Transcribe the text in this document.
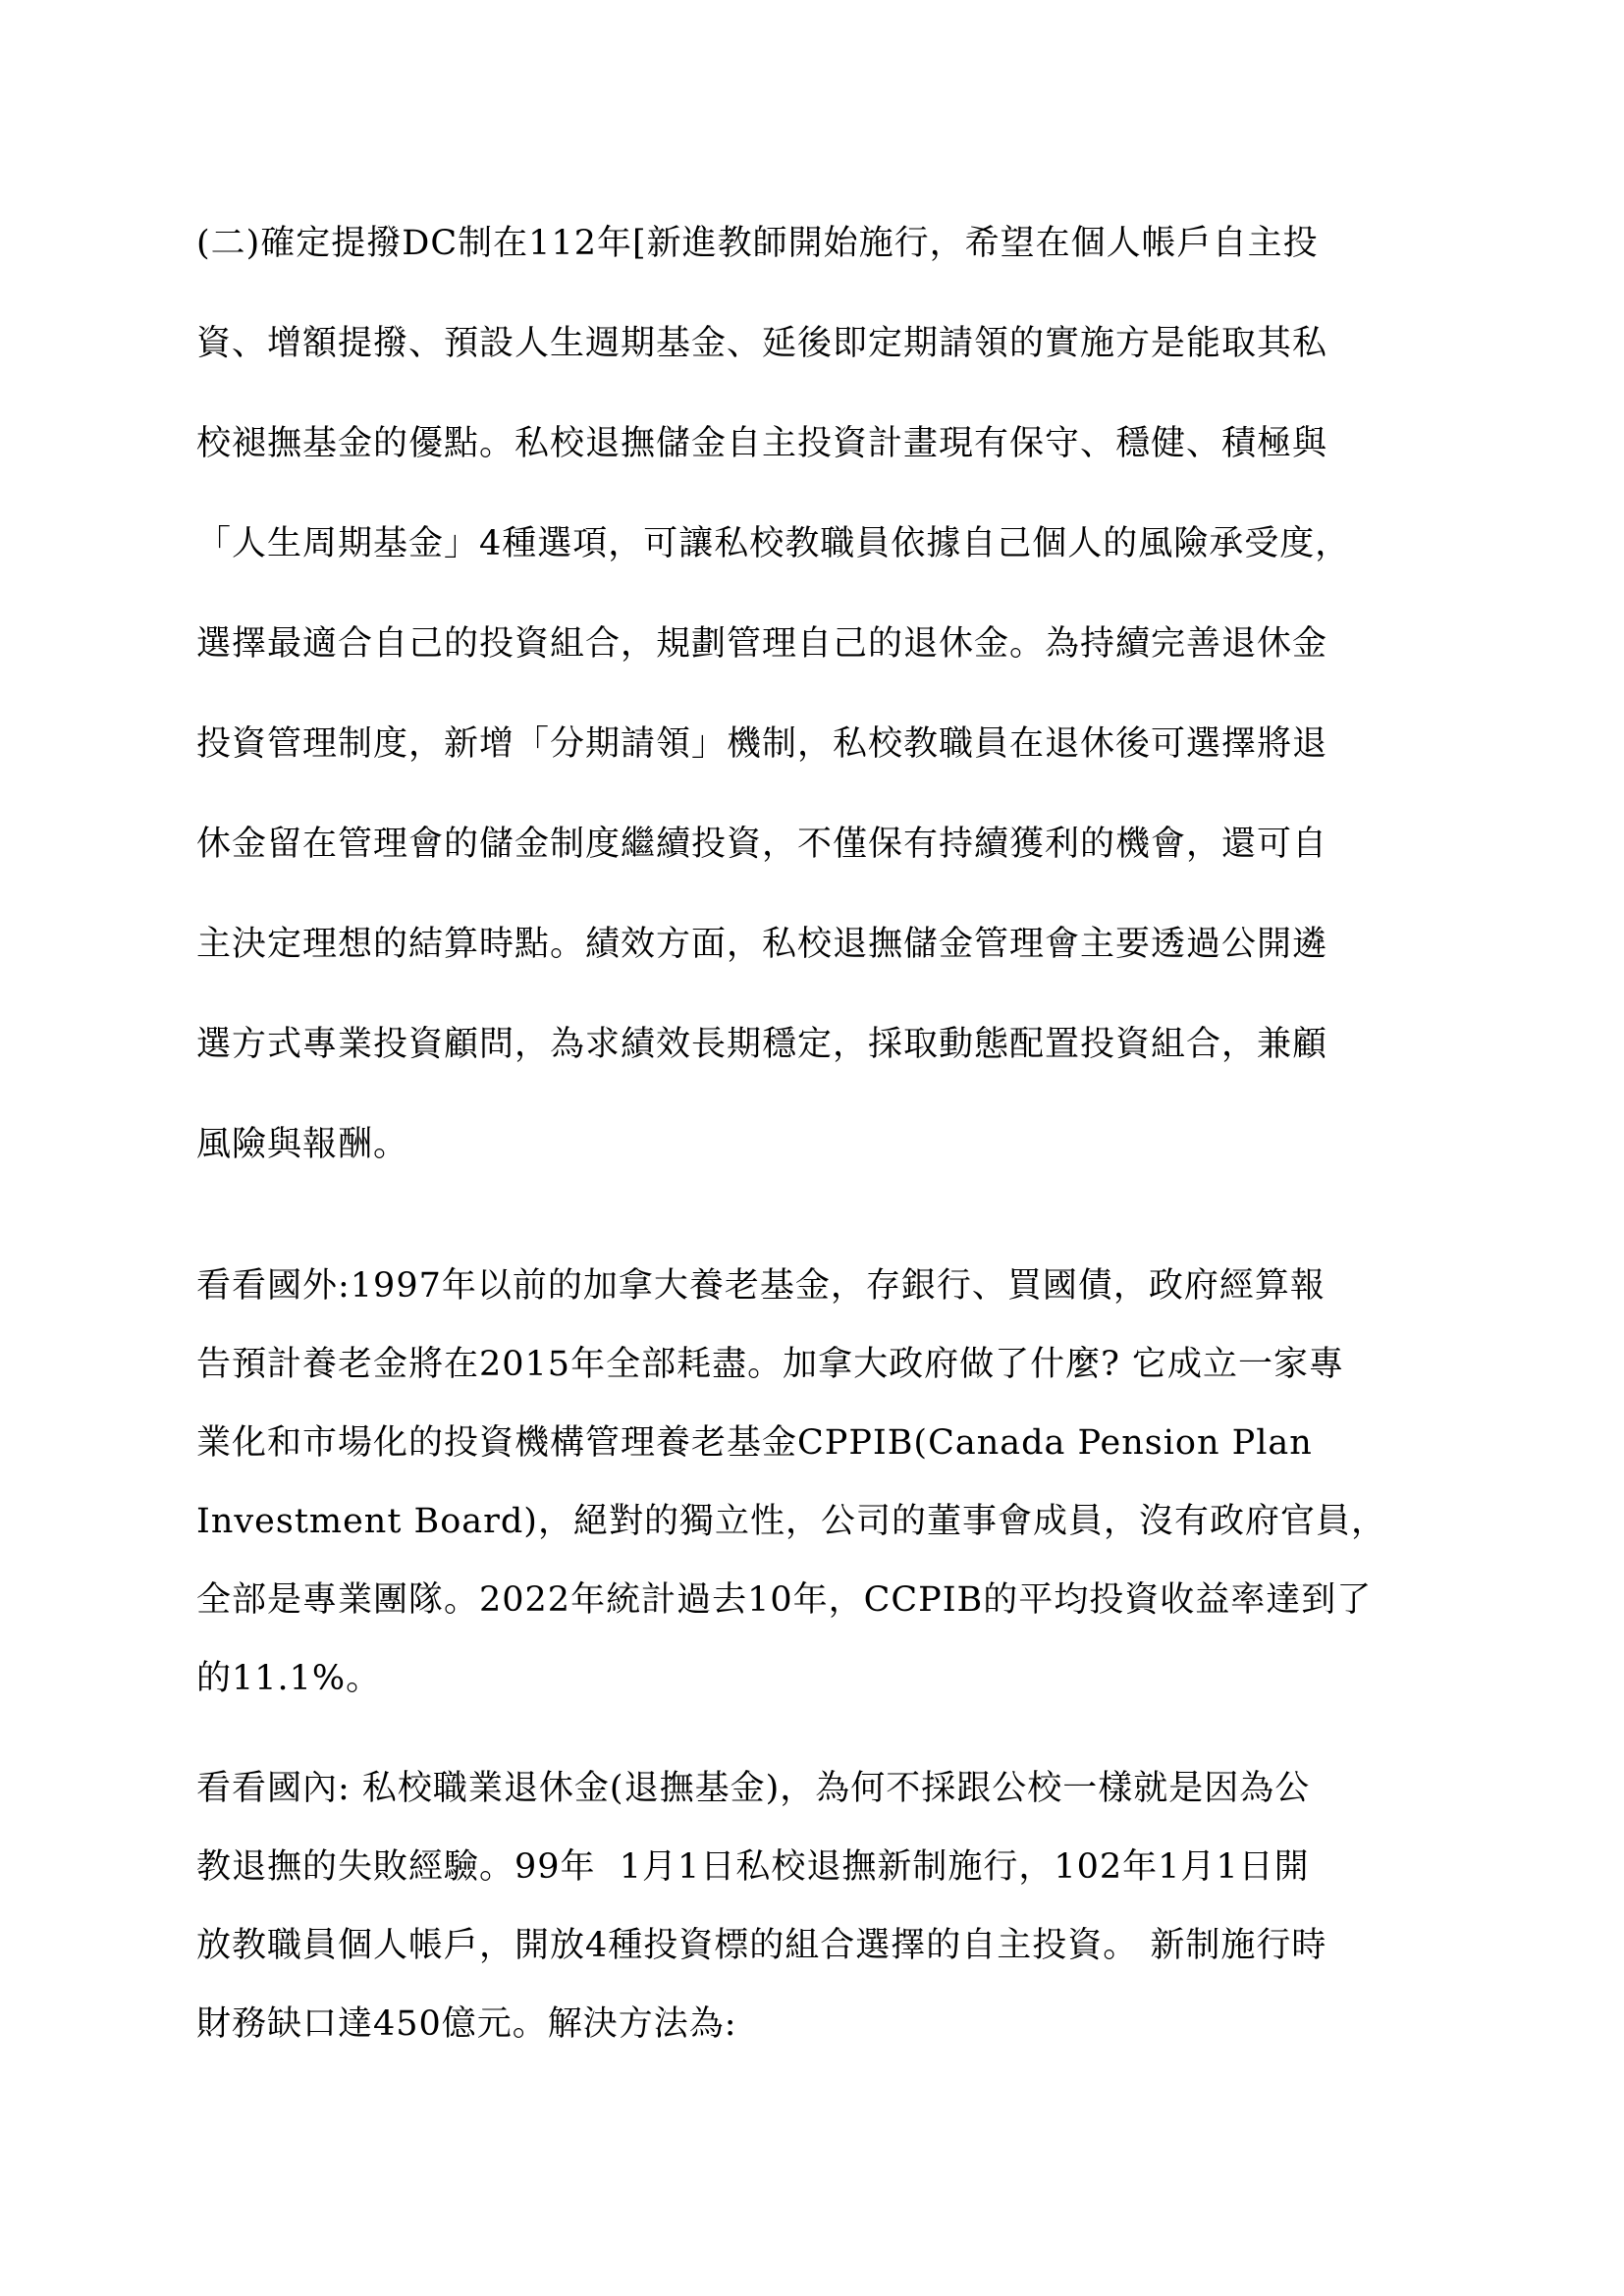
(二)確定提撥DC制在112年[新進教師開始施行，希望在個人帳戶自主投
資、增額提撥、預設人生週期基金、延後即定期請領的實施方是能取其私
校褪撫基金的優點。私校退撫儲金自主投資計畫現有保守、穩健、積極與
「人生周期基金」4種選項，可讓私校教職員依據自己個人的風險承受度，
選擇最適合自己的投資組合，規劃管理自己的退休金。為持續完善退休金
投資管理制度，新增「分期請領」機制，私校教職員在退休後可選擇將退
休金留在管理會的儲金制度繼續投資，不僅保有持續獲利的機會，還可自
主決定理想的結算時點。績效方面，私校退撫儲金管理會主要透過公開遴
選方式專業投資顧問，為求績效長期穩定，採取動態配置投資組合，兼顧
風險與報酬。
看看國外:1997年以前的加拿大養老基金，存銀行、買國債，政府經算報
告預計養老金將在2015年全部耗盡。加拿大政府做了什麼? 它成立一家專
業化和市場化的投資機構管理養老基金CPPIB(Canada Pension Plan
Investment Board)，絕對的獨立性，公司的董事會成員，沒有政府官員，
全部是專業團隊。2022年統計過去10年，CCPIB的平均投資收益率達到了
的11.1%。
看看國內: 私校職業退休金(退撫基金)，為何不採跟公校一樣就是因為公
教退撫的失敗經驗。99年  1月1日私校退撫新制施行，102年1月1日開
放教職員個人帳戶，開放4種投資標的組合選擇的自主投資。 新制施行時
財務缺口達450億元。解決方法為:
